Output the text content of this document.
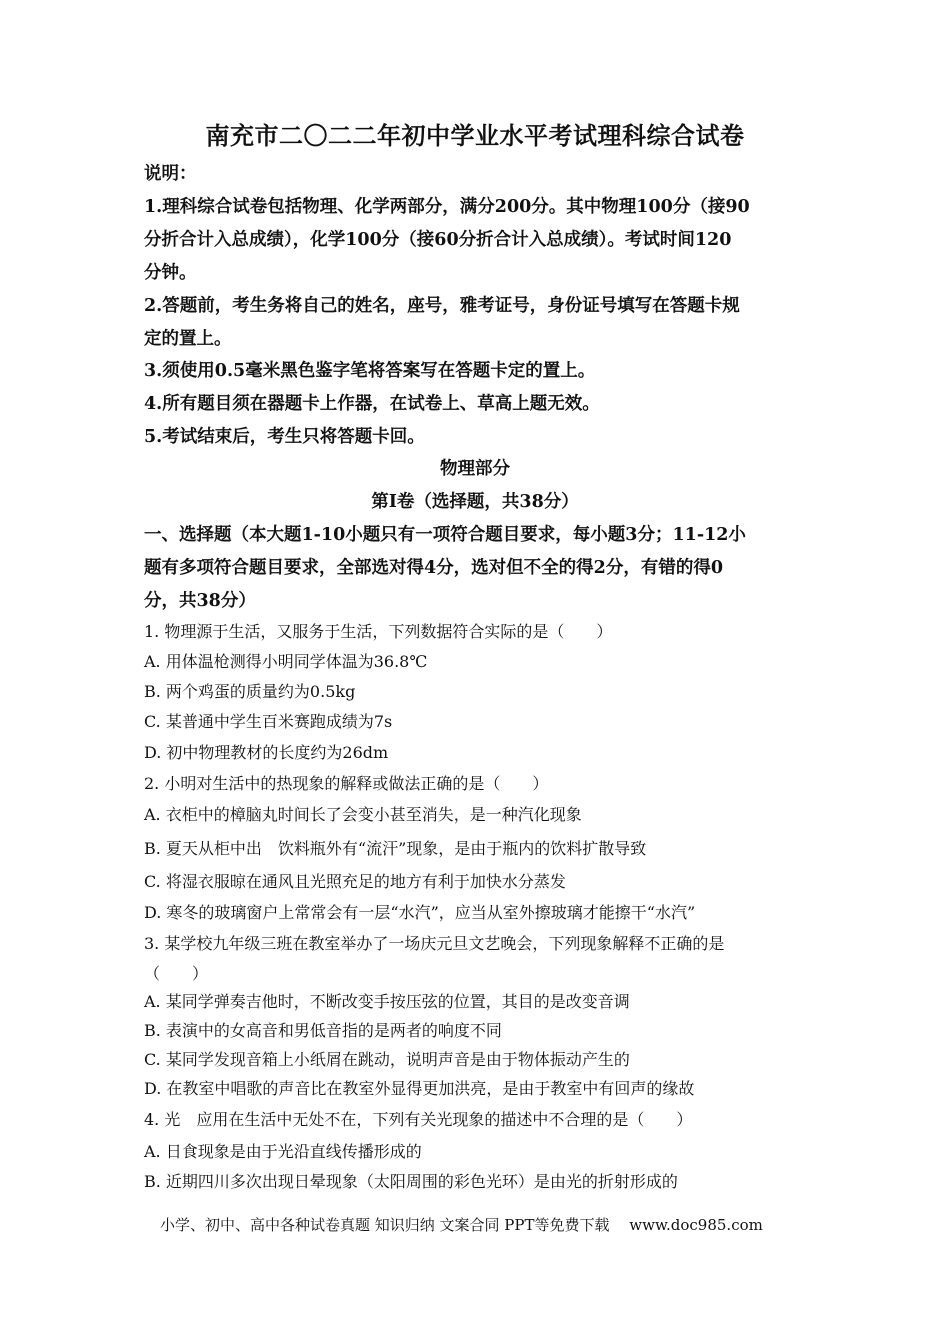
南充市二〇二二年初中学业水平考试理科综合试卷
说明：
1.理科综合试卷包括物理、化学两部分，满分200分。其中物理100分（接90
分折合计入总成绩），化学100分（接60分折合计入总成绩）。考试时间120
分钟。
2.答题前，考生务将自己的姓名，座号，雅考证号，身份证号填写在答题卡规
定的置上。
3.须使用0.5毫米黑色鉴字笔将答案写在答题卡定的置上。
4.所有题目须在器题卡上作器，在试卷上、草高上题无效。
5.考试结束后，考生只将答题卡回。
物理部分
第Ⅰ卷（选择题，共38分）
一、选择题（本大题1-10小题只有一项符合题目要求，每小题3分；11-12小
题有多项符合题目要求，全部选对得4分，选对但不全的得2分，有错的得0
分，共38分）
1. 物理源于生活，又服务于生活，下列数据符合实际的是（　　）
A. 用体温枪测得小明同学体温为36.8℃
B. 两个鸡蛋的质量约为0.5kg
C. 某普通中学生百米赛跑成绩为7s
D. 初中物理教材的长度约为26dm
2. 小明对生活中的热现象的解释或做法正确的是（　　）
A. 衣柜中的樟脑丸时间长了会变小甚至消失，是一种汽化现象
B. 夏天从柜中出　饮料瓶外有“流汗”现象，是由于瓶内的饮料扩散导致
C. 将湿衣服晾在通风且光照充足的地方有利于加快水分蒸发
D. 寒冬的玻璃窗户上常常会有一层“水汽”，应当从室外擦玻璃才能擦干“水汽”
3. 某学校九年级三班在教室举办了一场庆元旦文艺晚会，下列现象解释不正确的是
（　　）
A. 某同学弹奏吉他时，不断改变手按压弦的位置，其目的是改变音调
B. 表演中的女高音和男低音指的是两者的响度不同
C. 某同学发现音箱上小纸屑在跳动，说明声音是由于物体振动产生的
D. 在教室中唱歌的声音比在教室外显得更加洪亮，是由于教室中有回声的缘故
4. 光　应用在生活中无处不在，下列有关光现象的描述中不合理的是（　　）
A. 日食现象是由于光沿直线传播形成的
B. 近期四川多次出现日晕现象（太阳周围的彩色光环）是由光的折射形成的
小学、初中、高中各种试卷真题 知识归纳 文案合同 PPT等免费下载　 www.doc985.com
